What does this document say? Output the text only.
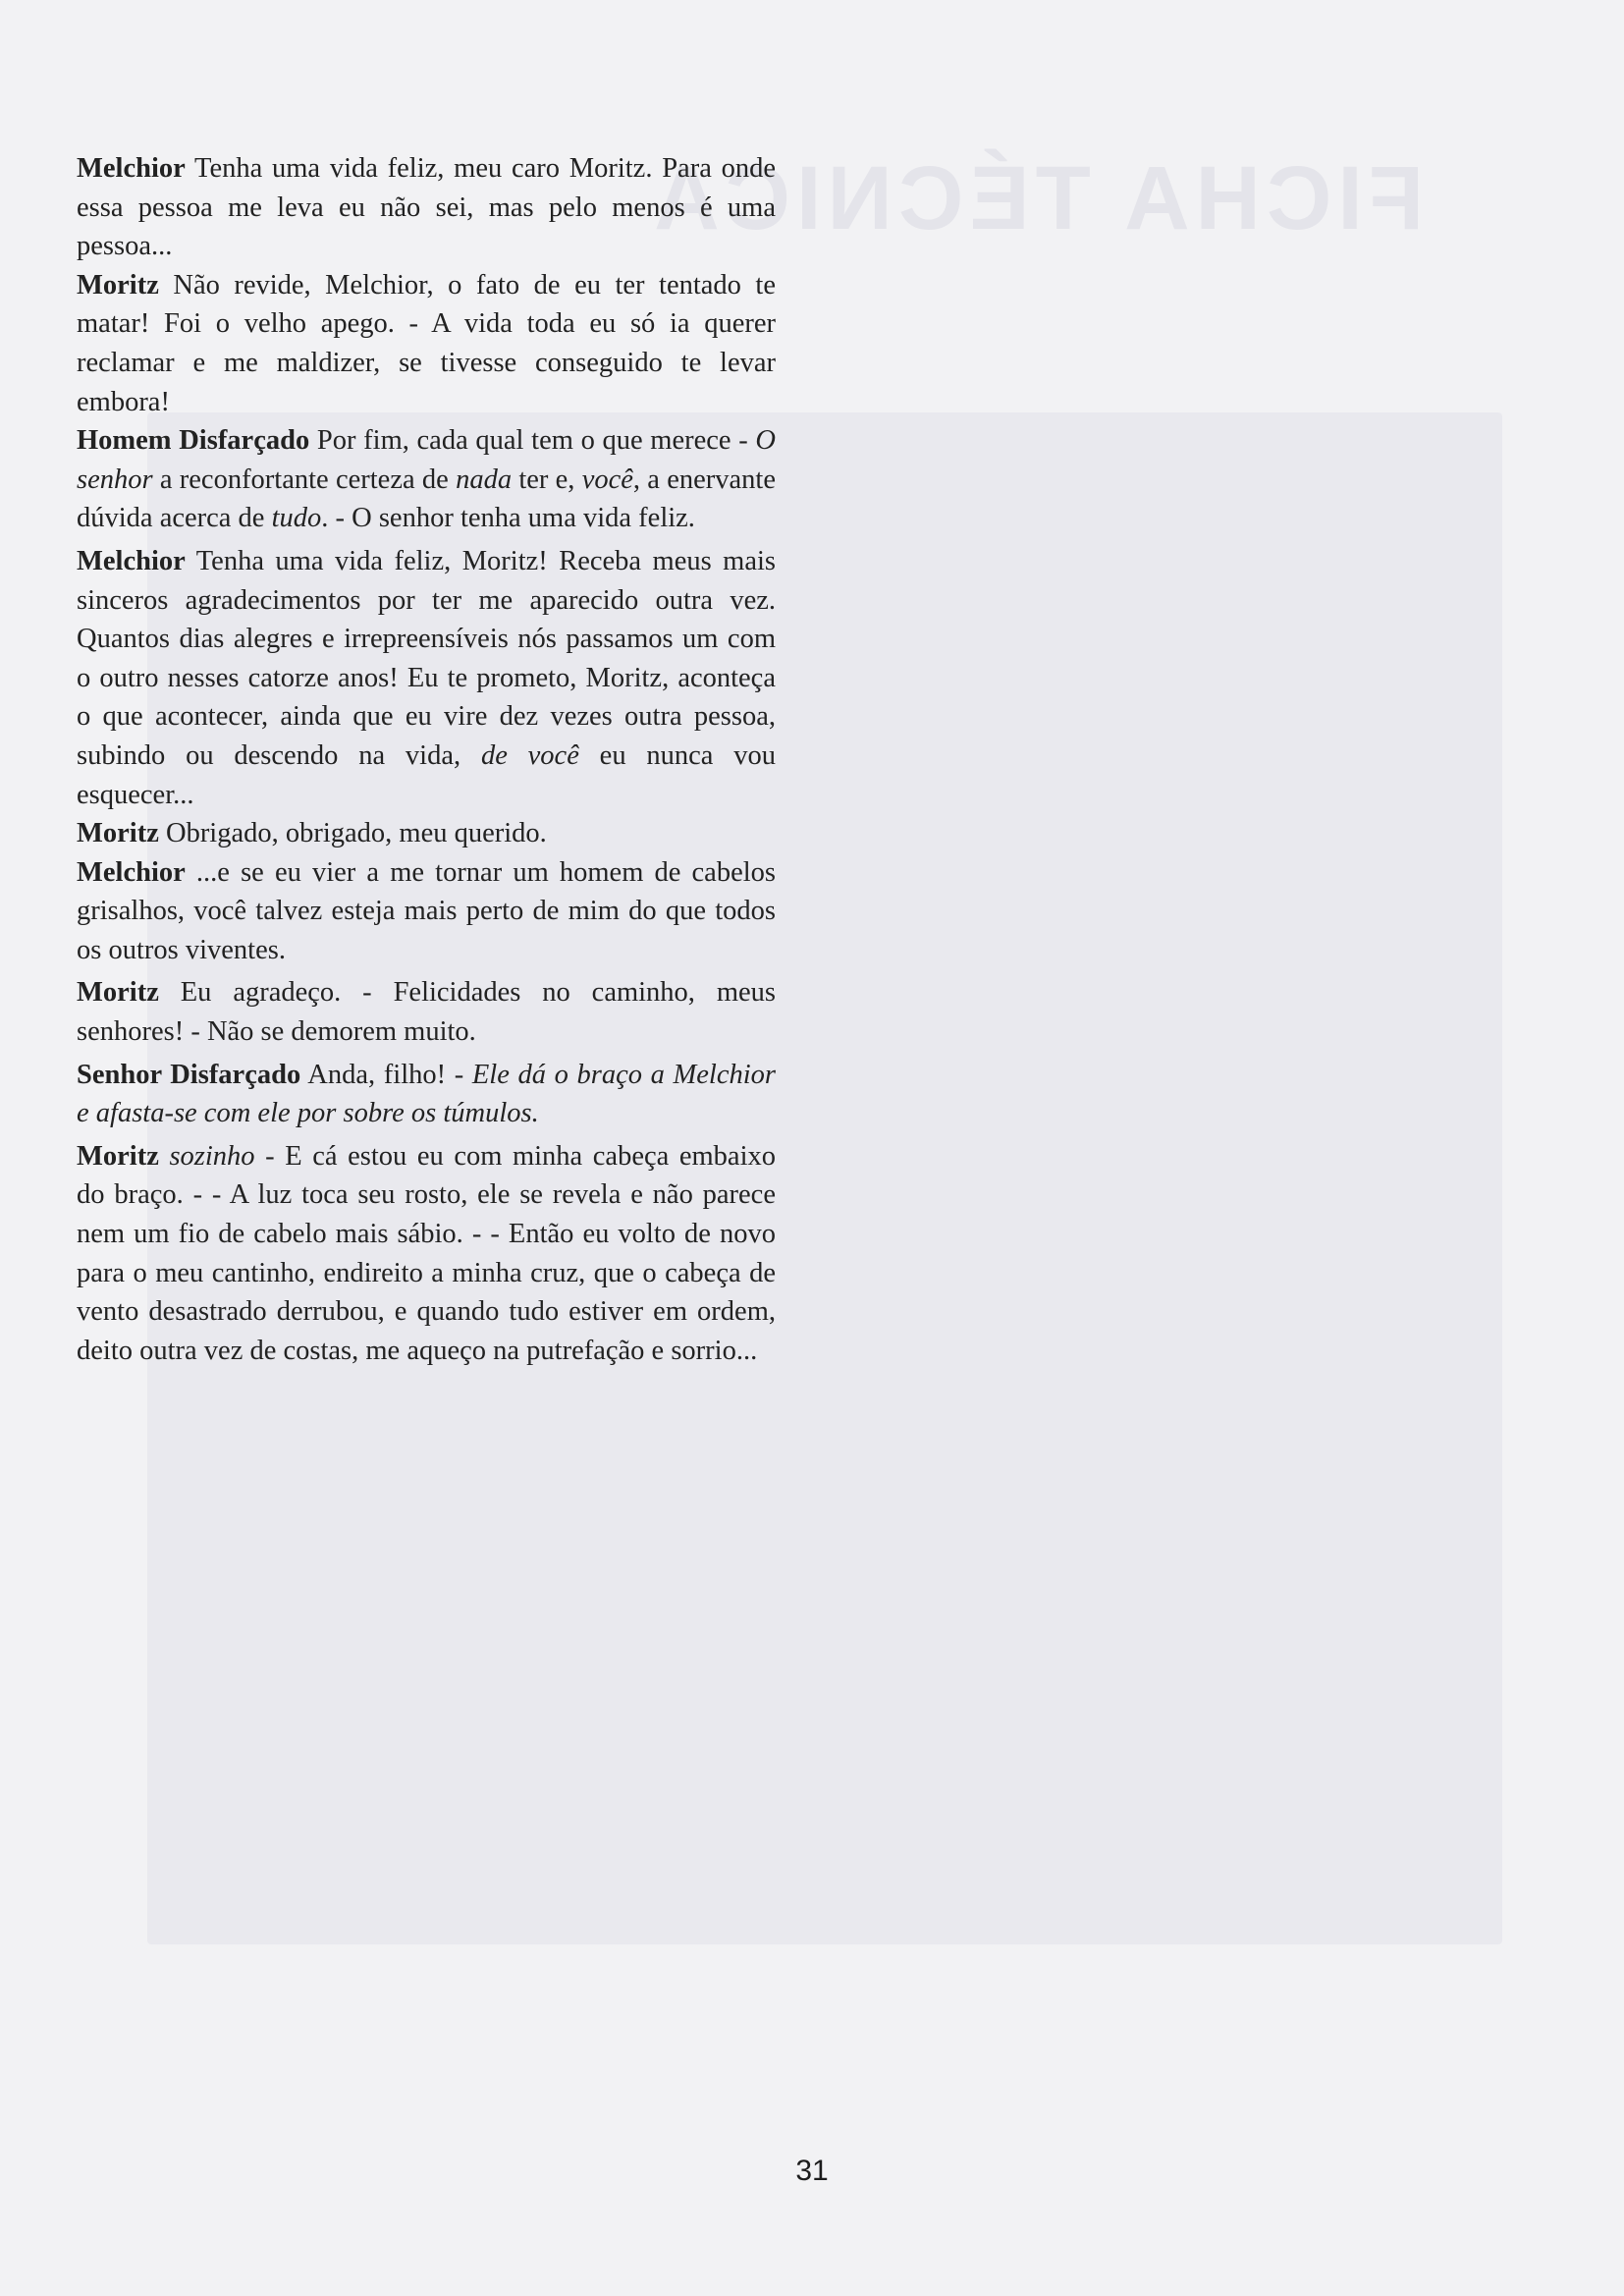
FICHA TÉCNICA

Melchior Tenha uma vida feliz, meu caro Moritz. Para onde essa pessoa me leva eu não sei, mas pelo menos é uma pessoa...

Moritz Não revide, Melchior, o fato de eu ter tentado te matar! Foi o velho apego. - A vida toda eu só ia querer reclamar e me maldizer, se tivesse conseguido te levar embora!

Homem Disfarçado Por fim, cada qual tem o que merece - O senhor a reconfortante certeza de nada ter e, você, a enervante dúvida acerca de tudo. - O senhor tenha uma vida feliz.

Melchior Tenha uma vida feliz, Moritz! Receba meus mais sinceros agradecimentos por ter me aparecido outra vez. Quantos dias alegres e irrepreensíveis nós passamos um com o outro nesses catorze anos! Eu te prometo, Moritz, aconteça o que acontecer, ainda que eu vire dez vezes outra pessoa, subindo ou descendo na vida, de você eu nunca vou esquecer...

Moritz Obrigado, obrigado, meu querido.

Melchior ...e se eu vier a me tornar um homem de cabelos grisalhos, você talvez esteja mais perto de mim do que todos os outros viventes.

Moritz Eu agradeço. - Felicidades no caminho, meus senhores! - Não se demorem muito.

Senhor Disfarçado Anda, filho! - Ele dá o braço a Melchior e afasta-se com ele por sobre os túmulos.

Moritz sozinho - E cá estou eu com minha cabeça embaixo do braço. - - A luz toca seu rosto, ele se revela e não parece nem um fio de cabelo mais sábio. - - Então eu volto de novo para o meu cantinho, endireito a minha cruz, que o cabeça de vento desastrado derrubou, e quando tudo estiver em ordem, deito outra vez de costas, me aqueço na putrefação e sorrio...

31
